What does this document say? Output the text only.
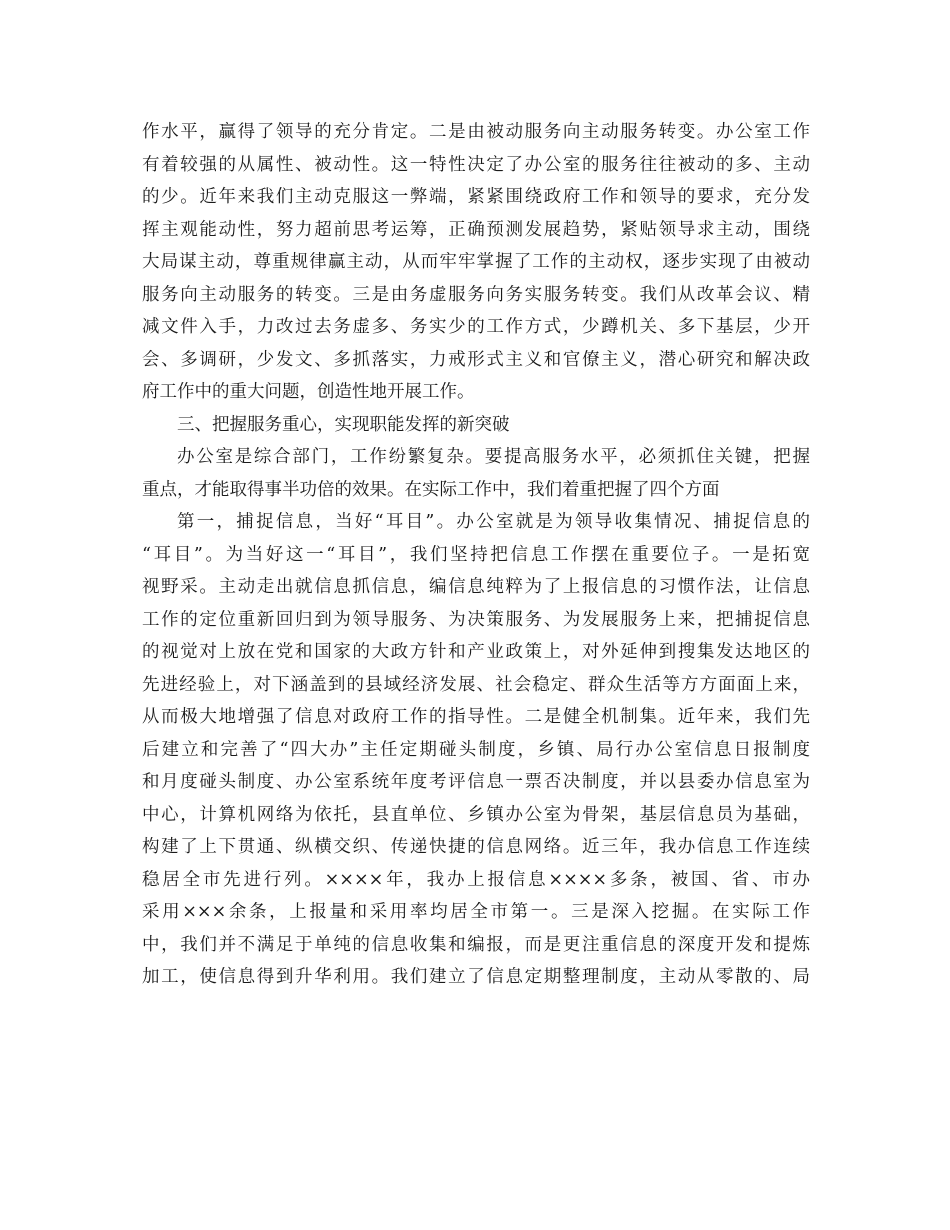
作水平，赢得了领导的充分肯定。二是由被动服务向主动服务转变。办公室工作
有着较强的从属性、被动性。这一特性决定了办公室的服务往往被动的多、主动
的少。近年来我们主动克服这一弊端，紧紧围绕政府工作和领导的要求，充分发
挥主观能动性，努力超前思考运筹，正确预测发展趋势，紧贴领导求主动，围绕
大局谋主动，尊重规律赢主动，从而牢牢掌握了工作的主动权，逐步实现了由被动
服务向主动服务的转变。三是由务虚服务向务实服务转变。我们从改革会议、精
减文件入手，力改过去务虚多、务实少的工作方式，少蹲机关、多下基层，少开
会、多调研，少发文、多抓落实，力戒形式主义和官僚主义，潜心研究和解决政
府工作中的重大问题，创造性地开展工作。
三、把握服务重心，实现职能发挥的新突破
办公室是综合部门，工作纷繁复杂。要提高服务水平，必须抓住关键，把握
重点，才能取得事半功倍的效果。在实际工作中，我们着重把握了四个方面
第一，捕捉信息，当好“耳目”。办公室就是为领导收集情况、捕捉信息的
“耳目”。为当好这一“耳目”，我们坚持把信息工作摆在重要位子。一是拓宽
视野采。主动走出就信息抓信息，编信息纯粹为了上报信息的习惯作法，让信息
工作的定位重新回归到为领导服务、为决策服务、为发展服务上来，把捕捉信息
的视觉对上放在党和国家的大政方针和产业政策上，对外延伸到搜集发达地区的
先进经验上，对下涵盖到的县域经济发展、社会稳定、群众生活等方方面面上来，
从而极大地增强了信息对政府工作的指导性。二是健全机制集。近年来，我们先
后建立和完善了“四大办”主任定期碰头制度，乡镇、局行办公室信息日报制度
和月度碰头制度、办公室系统年度考评信息一票否决制度，并以县委办信息室为
中心，计算机网络为依托，县直单位、乡镇办公室为骨架，基层信息员为基础，
构建了上下贯通、纵横交织、传递快捷的信息网络。近三年，我办信息工作连续
稳居全市先进行列。××××年，我办上报信息××××多条，被国、省、市办
采用×××余条，上报量和采用率均居全市第一。三是深入挖掘。在实际工作
中，我们并不满足于单纯的信息收集和编报，而是更注重信息的深度开发和提炼
加工，使信息得到升华利用。我们建立了信息定期整理制度，主动从零散的、局
